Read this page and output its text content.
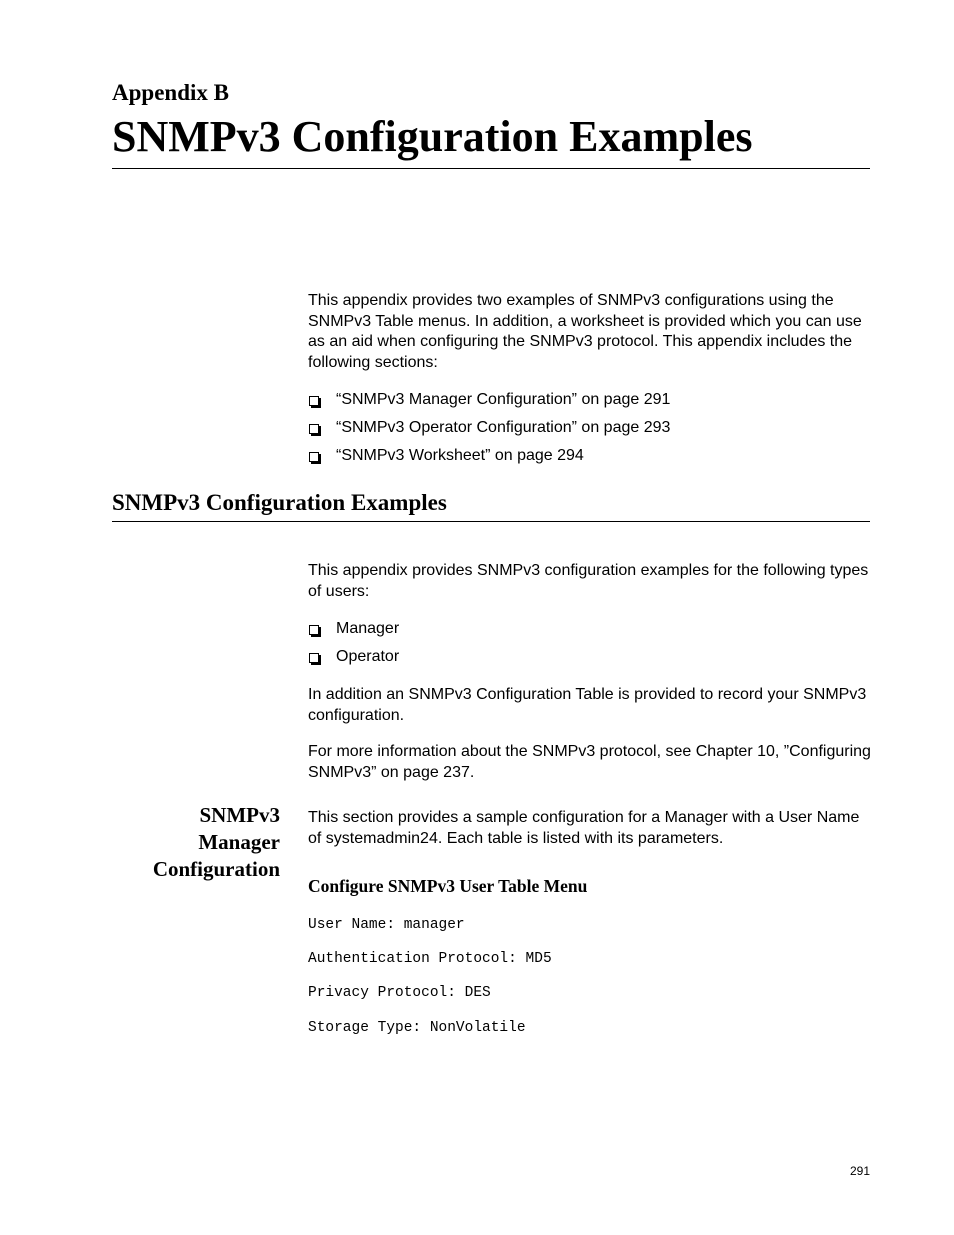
Appendix B
SNMPv3 Configuration Examples

This appendix provides two examples of SNMPv3 configurations using the SNMPv3 Table menus. In addition, a worksheet is provided which you can use as an aid when configuring the SNMPv3 protocol. This appendix includes the following sections:

“SNMPv3 Manager Configuration” on page 291
“SNMPv3 Operator Configuration” on page 293
“SNMPv3 Worksheet” on page 294
SNMPv3 Configuration Examples

This appendix provides SNMPv3 configuration examples for the following types of users:

Manager
Operator

In addition an SNMPv3 Configuration Table is provided to record your SNMPv3 configuration.

For more information about the SNMPv3 protocol, see Chapter 10, ”Configuring SNMPv3” on page 237.

SNMPv3
Manager
Configuration

This section provides a sample configuration for a Manager with a User Name of systemadmin24. Each table is listed with its parameters.

Configure SNMPv3 User Table Menu
User Name: manager
Authentication Protocol: MD5
Privacy Protocol: DES
Storage Type: NonVolatile
291
